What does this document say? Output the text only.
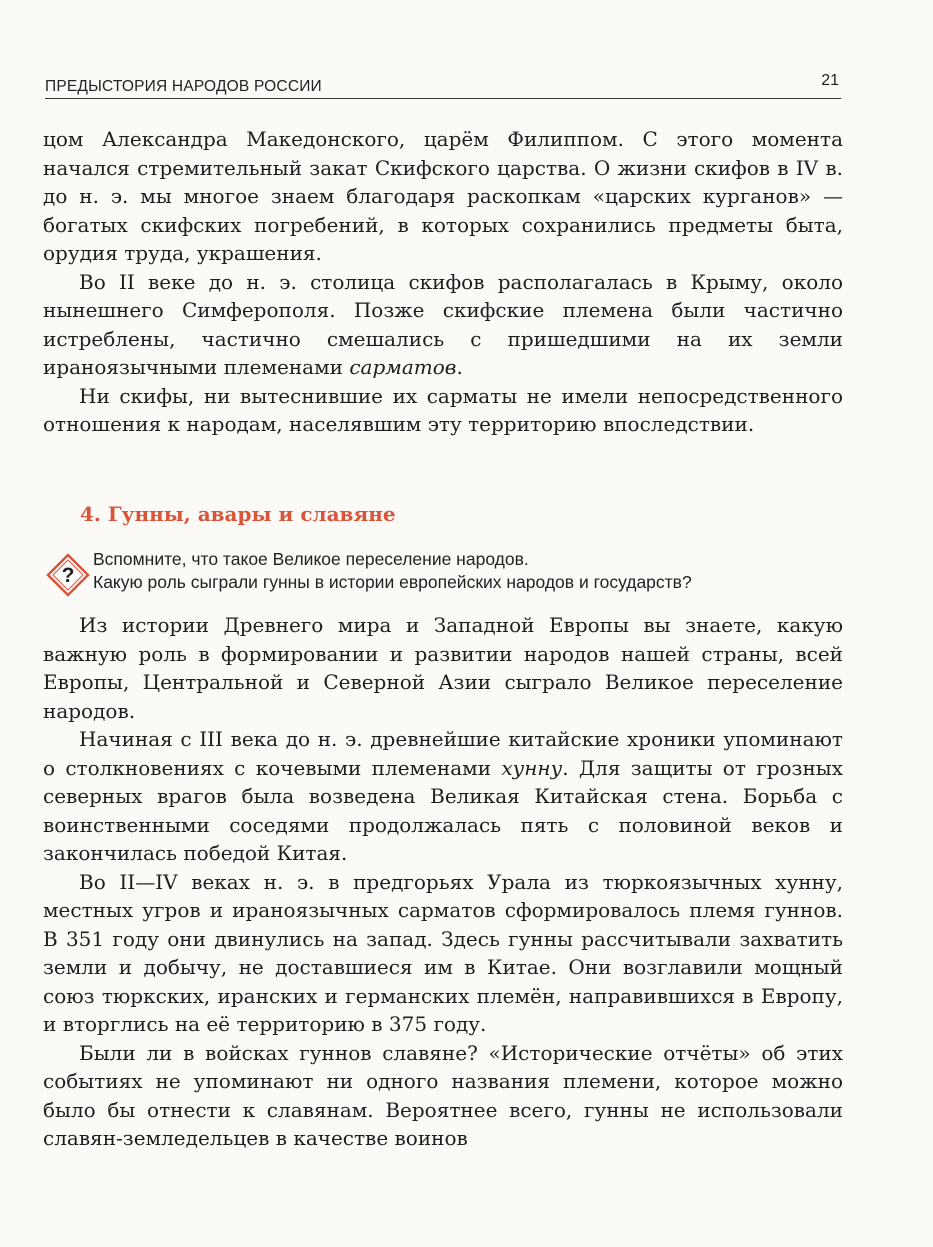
ПРЕДЫСТОРИЯ НАРОДОВ РОССИИ	21

цом Александра Македонского, царём Филиппом. С этого момента начался стремительный закат Скифского царства. О жизни скифов в IV в. до н. э. мы многое знаем благодаря раскопкам «царских курганов» — богатых скифских погребений, в которых сохранились предметы быта, орудия труда, украшения.

Во II веке до н. э. столица скифов располагалась в Крыму, около нынешнего Симферополя. Позже скифские племена были частично истреблены, частично смешались с пришедшими на их земли ираноязычными племенами сарматов.

Ни скифы, ни вытеснившие их сарматы не имели непосредственного отношения к народам, населявшим эту территорию впоследствии.

4. Гунны, авары и славяне
?
Вспомните, что такое Великое переселение народов.
Какую роль сыграли гунны в истории европейских народов и государств?

Из истории Древнего мира и Западной Европы вы знаете, какую важную роль в формировании и развитии народов нашей страны, всей Европы, Центральной и Северной Азии сыграло Великое переселение народов.

Начиная с III века до н. э. древнейшие китайские хроники упоминают о столкновениях с кочевыми племенами хунну. Для защиты от грозных северных врагов была возведена Великая Китайская стена. Борьба с воинственными соседями продолжалась пять с половиной веков и закончилась победой Китая.

Во II—IV веках н. э. в предгорьях Урала из тюркоязычных хунну, местных угров и ираноязычных сарматов сформировалось племя гуннов. В 351 году они двинулись на запад. Здесь гунны рассчитывали захватить земли и добычу, не доставшиеся им в Китае. Они возглавили мощный союз тюркских, иранских и германских племён, направившихся в Европу, и вторглись на её территорию в 375 году.

Были ли в войсках гуннов славяне? «Исторические отчёты» об этих событиях не упоминают ни одного названия племени, которое можно было бы отнести к славянам. Вероятнее всего, гунны не использовали славян-земледельцев в качестве воинов
